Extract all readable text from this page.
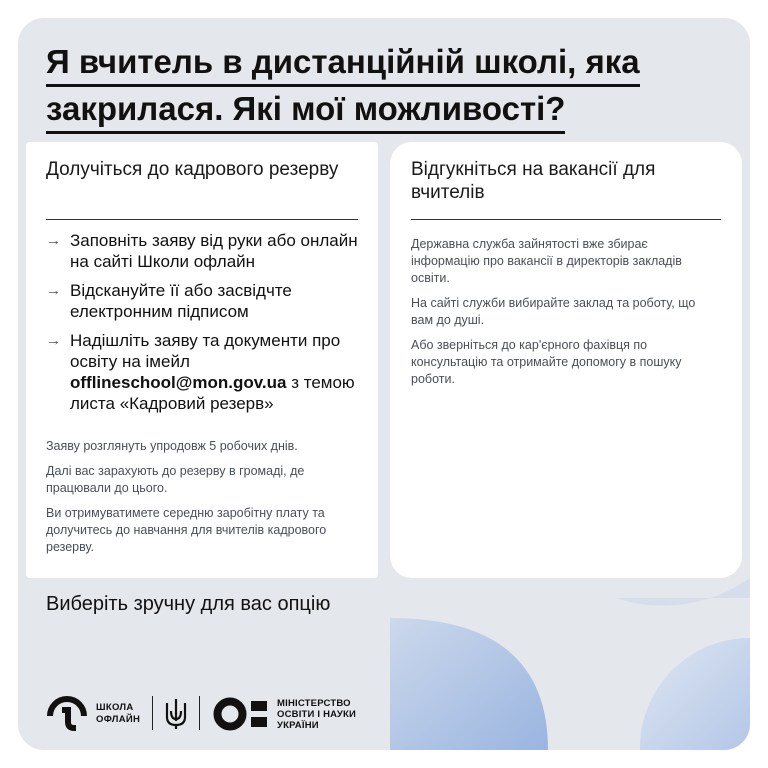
Я вчитель в дистанційній школі, яка
закрилася. Які мої можливості?
Долучіться до кадрового резерву
→ Заповніть заяву від руки або онлайн на сайті Школи офлайн
→ Відскануйте її або засвідчте електронним підписом
→ Надішліть заяву та документи про освіту на імейл offlineschool@mon.gov.ua з темою листа «Кадровий резерв»
Заяву розглянуть упродовж 5 робочих днів.
Далі вас зарахують до резерву в громаді, де працювали до цього.
Ви отримуватимете середню заробітну плату та долучитесь до навчання для вчителів кадрового резерву.
Відгукніться на вакансії для вчителів
Державна служба зайнятості вже збирає інформацію про вакансії в директорів закладів освіти.
На сайті служби вибирайте заклад та роботу, що вам до душі.
Або зверніться до кар'єрного фахівця по консультацію та отримайте допомогу в пошуку роботи.
Виберіть зручну для вас опцію
ШКОЛА
ОФЛАЙН
МІНІСТЕРСТВО
ОСВІТИ І НАУКИ
УКРАЇНИ
